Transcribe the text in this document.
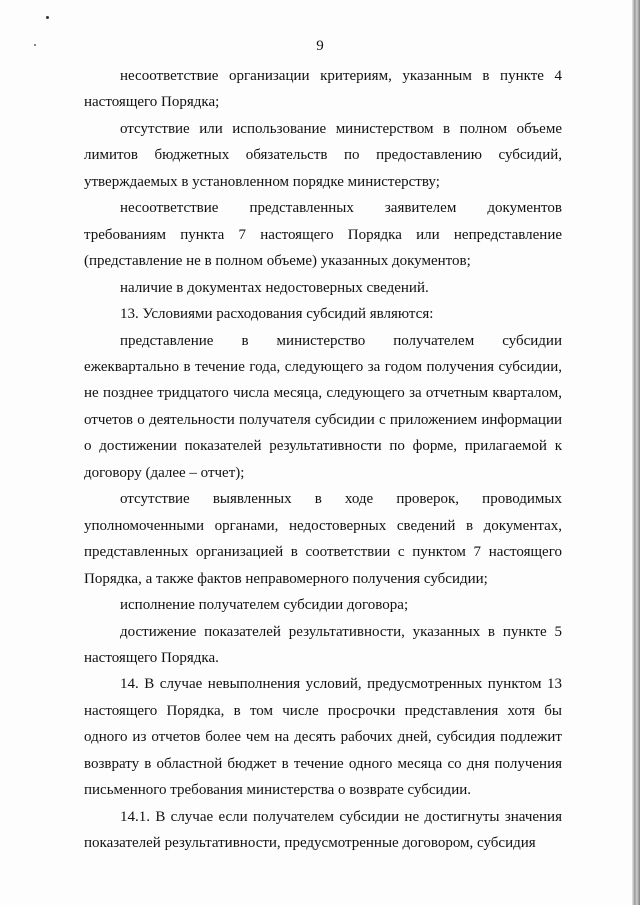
9

несоответствие организации критериям, указанным в пункте 4 настоящего Порядка;

отсутствие или использование министерством в полном объеме лимитов бюджетных обязательств по предоставлению субсидий, утверждаемых в установленном порядке министерству;

несоответствие представленных заявителем документов требованиям пункта 7 настоящего Порядка или непредставление (представление не в полном объеме) указанных документов;

наличие в документах недостоверных сведений.

13. Условиями расходования субсидий являются:

представление в министерство получателем субсидии ежеквартально в течение года, следующего за годом получения субсидии, не позднее тридцатого числа месяца, следующего за отчетным кварталом, отчетов о деятельности получателя субсидии с приложением информации о достижении показателей результативности по форме, прилагаемой к договору (далее – отчет);

отсутствие выявленных в ходе проверок, проводимых уполномоченными органами, недостоверных сведений в документах, представленных организацией в соответствии с пунктом 7 настоящего Порядка, а также фактов неправомерного получения субсидии;

исполнение получателем субсидии договора;

достижение показателей результативности, указанных в пункте 5 настоящего Порядка.

14. В случае невыполнения условий, предусмотренных пунктом 13 настоящего Порядка, в том числе просрочки представления хотя бы одного из отчетов более чем на десять рабочих дней, субсидия подлежит возврату в областной бюджет в течение одного месяца со дня получения письменного требования министерства о возврате субсидии.

14.1. В случае если получателем субсидии не достигнуты значения показателей результативности, предусмотренные договором, субсидия
